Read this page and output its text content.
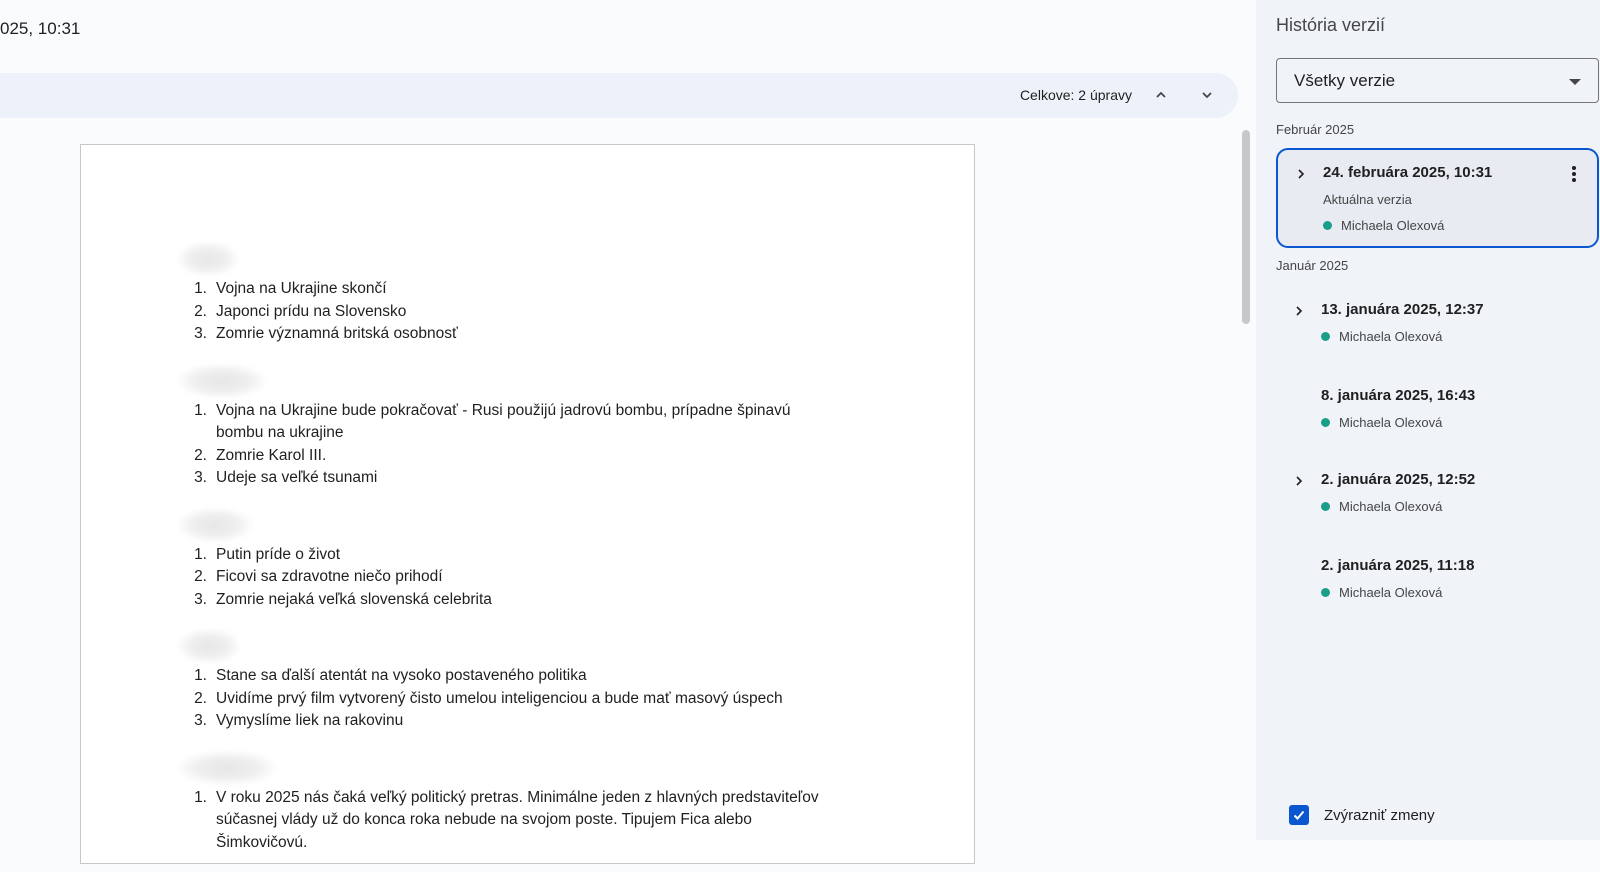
025, 10:31
Celkove: 2 úpravy
1. Vojna na Ukrajine skončí
2. Japonci prídu na Slovensko
3. Zomrie významná britská osobnosť
1. Vojna na Ukrajine bude pokračovať - Rusi použijú jadrovú bombu, prípadne špinavú bombu na ukrajine
2. Zomrie Karol III.
3. Udeje sa veľké tsunami
1. Putin príde o život
2. Ficovi sa zdravotne niečo prihodí
3. Zomrie nejaká veľká slovenská celebrita
1. Stane sa ďalší atentát na vysoko postaveného politika
2. Uvidíme prvý film vytvorený čisto umelou inteligenciou a bude mať masový úspech
3. Vymyslíme liek na rakovinu
1. V roku 2025 nás čaká veľký politický pretras. Minimálne jeden z hlavných predstaviteľov súčasnej vlády už do konca roka nebude na svojom poste. Tipujem Fica alebo Šimkovičovú.
História verzií
Všetky verzie
Február 2025
24. februára 2025, 10:31
Aktuálna verzia
Michaela Olexová
Január 2025
13. januára 2025, 12:37
Michaela Olexová
8. januára 2025, 16:43
Michaela Olexová
2. januára 2025, 12:52
Michaela Olexová
2. januára 2025, 11:18
Michaela Olexová
Zvýrazniť zmeny
